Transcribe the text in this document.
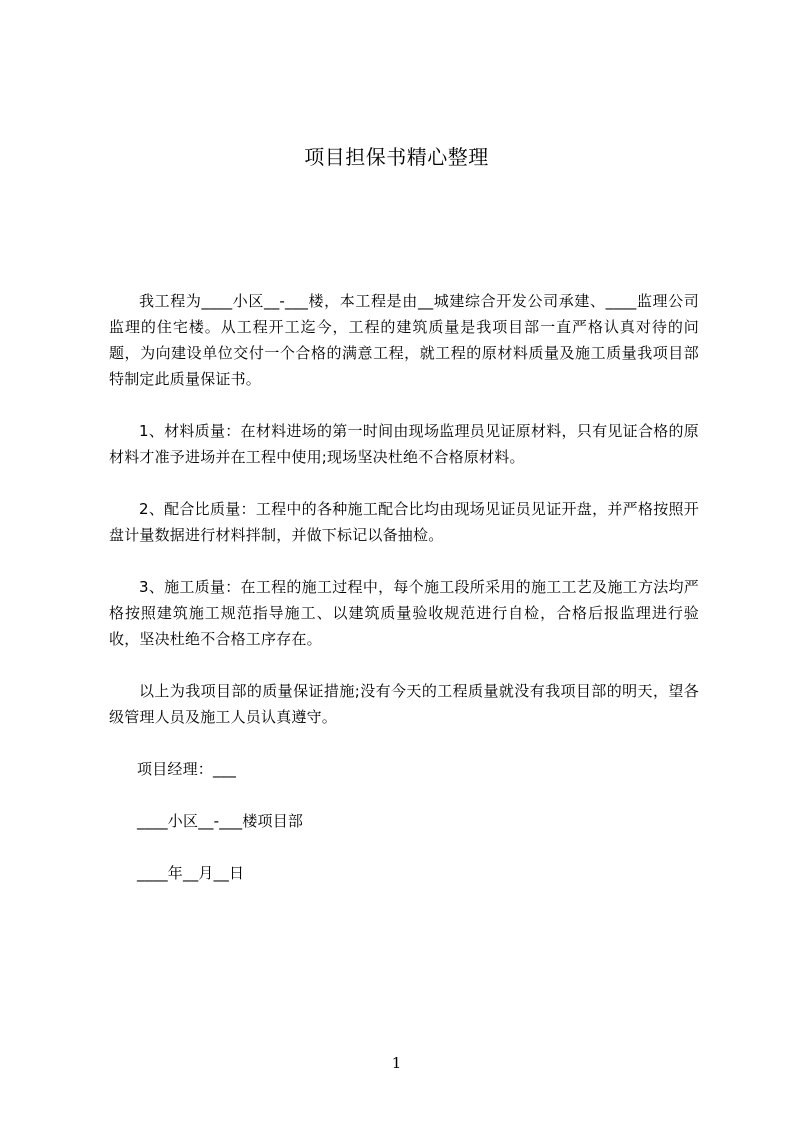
项目担保书精心整理

我工程为____小区__-___楼，本工程是由__城建综合开发公司承建、____监理公司监理的住宅楼。从工程开工迄今，工程的建筑质量是我项目部一直严格认真对待的问题，为向建设单位交付一个合格的满意工程，就工程的原材料质量及施工质量我项目部特制定此质量保证书。

1、材料质量：在材料进场的第一时间由现场监理员见证原材料，只有见证合格的原材料才准予进场并在工程中使用;现场坚决杜绝不合格原材料。

2、配合比质量：工程中的各种施工配合比均由现场见证员见证开盘，并严格按照开盘计量数据进行材料拌制，并做下标记以备抽检。

3、施工质量：在工程的施工过程中，每个施工段所采用的施工工艺及施工方法均严格按照建筑施工规范指导施工、以建筑质量验收规范进行自检，合格后报监理进行验收，坚决杜绝不合格工序存在。

以上为我项目部的质量保证措施;没有今天的工程质量就没有我项目部的明天，望各级管理人员及施工人员认真遵守。

项目经理：___

____小区__-___楼项目部

____年__月__日

1
